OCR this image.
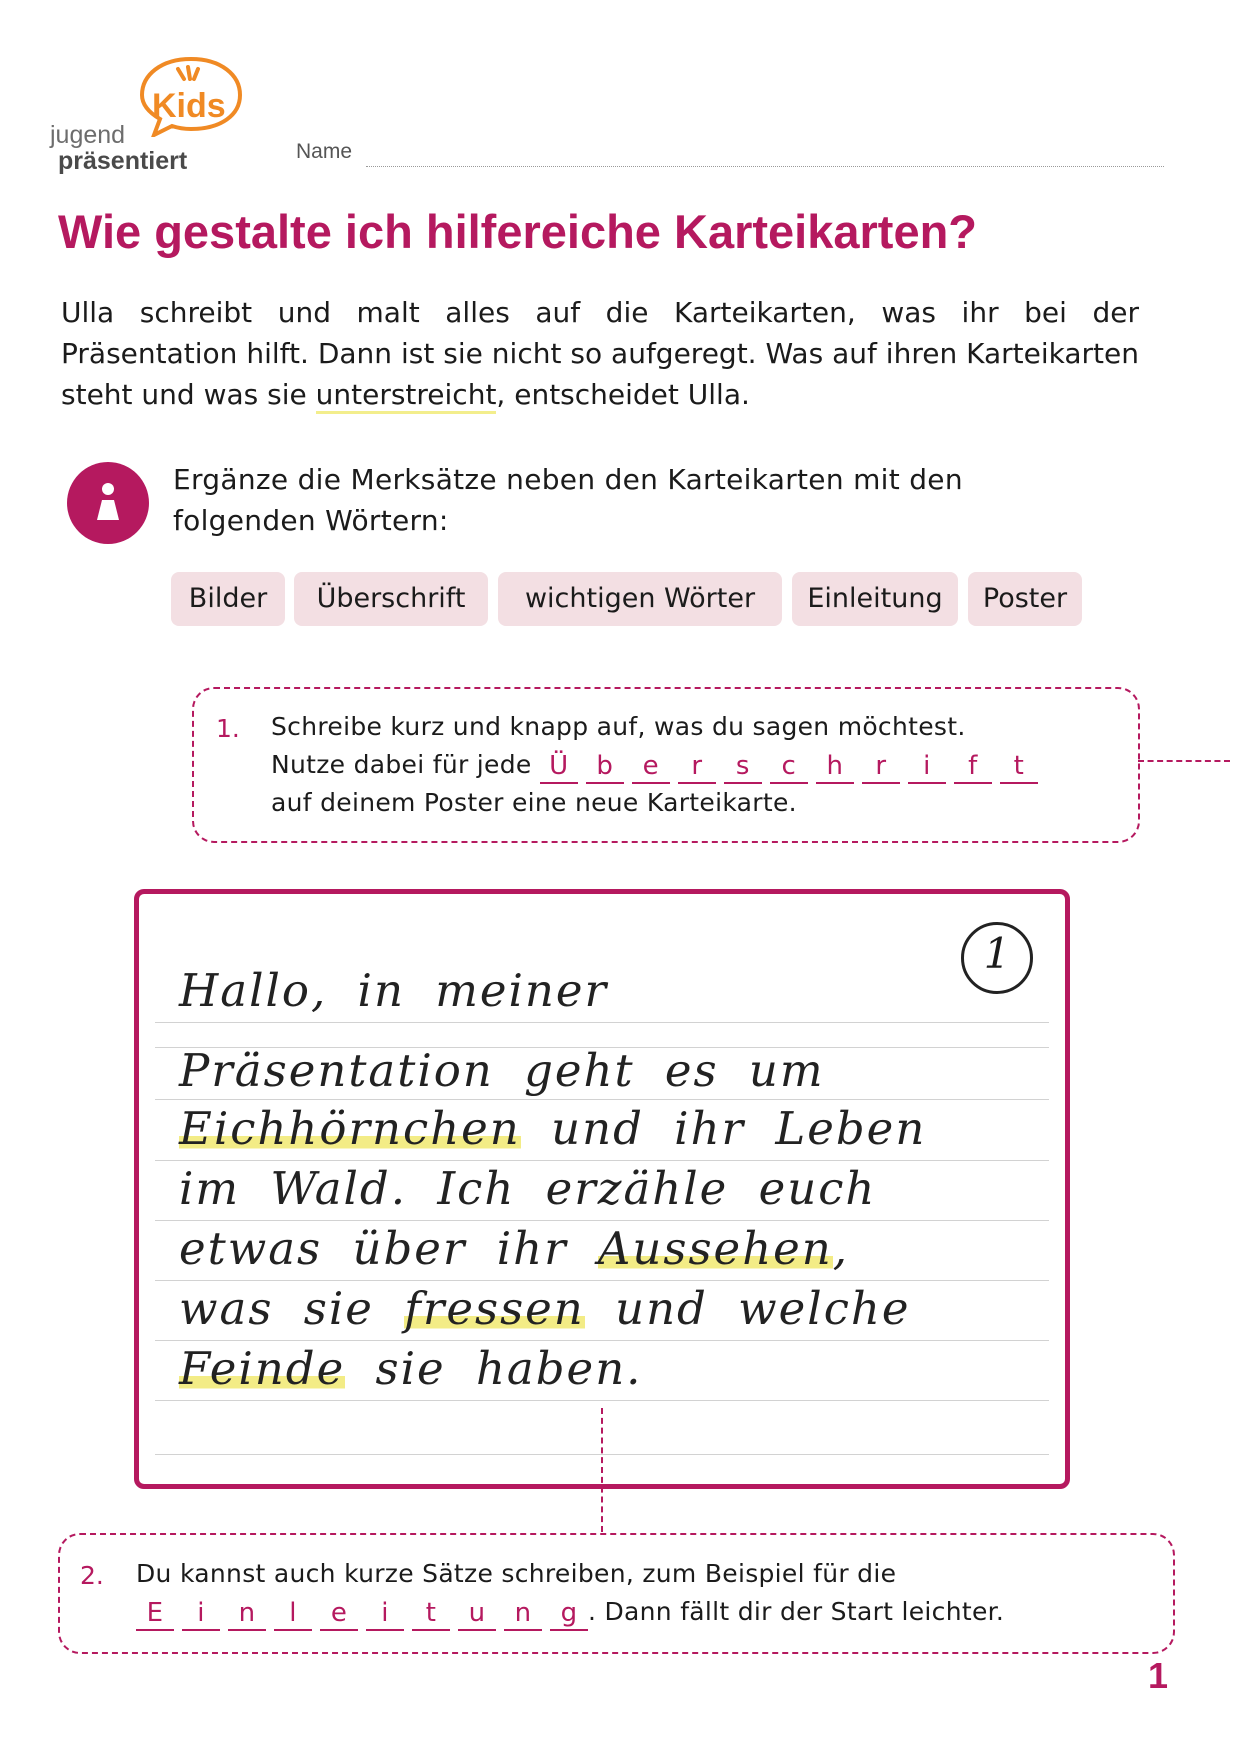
Kids
jugend
präsentiert	Name
Wie gestalte ich hilfereiche Karteikarten?
Ulla schreibt und malt alles auf die Karteikarten, was ihr bei der Präsentation hilft. Dann ist sie nicht so aufgeregt. Was auf ihren Karteikarten steht und was sie unterstreicht, entscheidet Ulla.
Ergänze die Merksätze neben den Karteikarten mit den folgenden Wörtern:
Bilder	Überschrift	wichtigen Wörter	Einleitung	Poster
1. Schreibe kurz und knapp auf, was du sagen möchtest.
Nutze dabei für jede Ü	b	e	r	s	c	h	r	i	f	t
auf deinem Poster eine neue Karteikarte.
1
Hallo, in meiner
Präsentation geht es um
Eichhörnchen und ihr Leben
im Wald. Ich erzähle euch
etwas über ihr Aussehen,
was sie fressen und welche
Feinde sie haben.
2. Du kannst auch kurze Sätze schreiben, zum Beispiel für die
E	i	n	l	e	i	t	u	n	g . Dann fällt dir der Start leichter.
1
